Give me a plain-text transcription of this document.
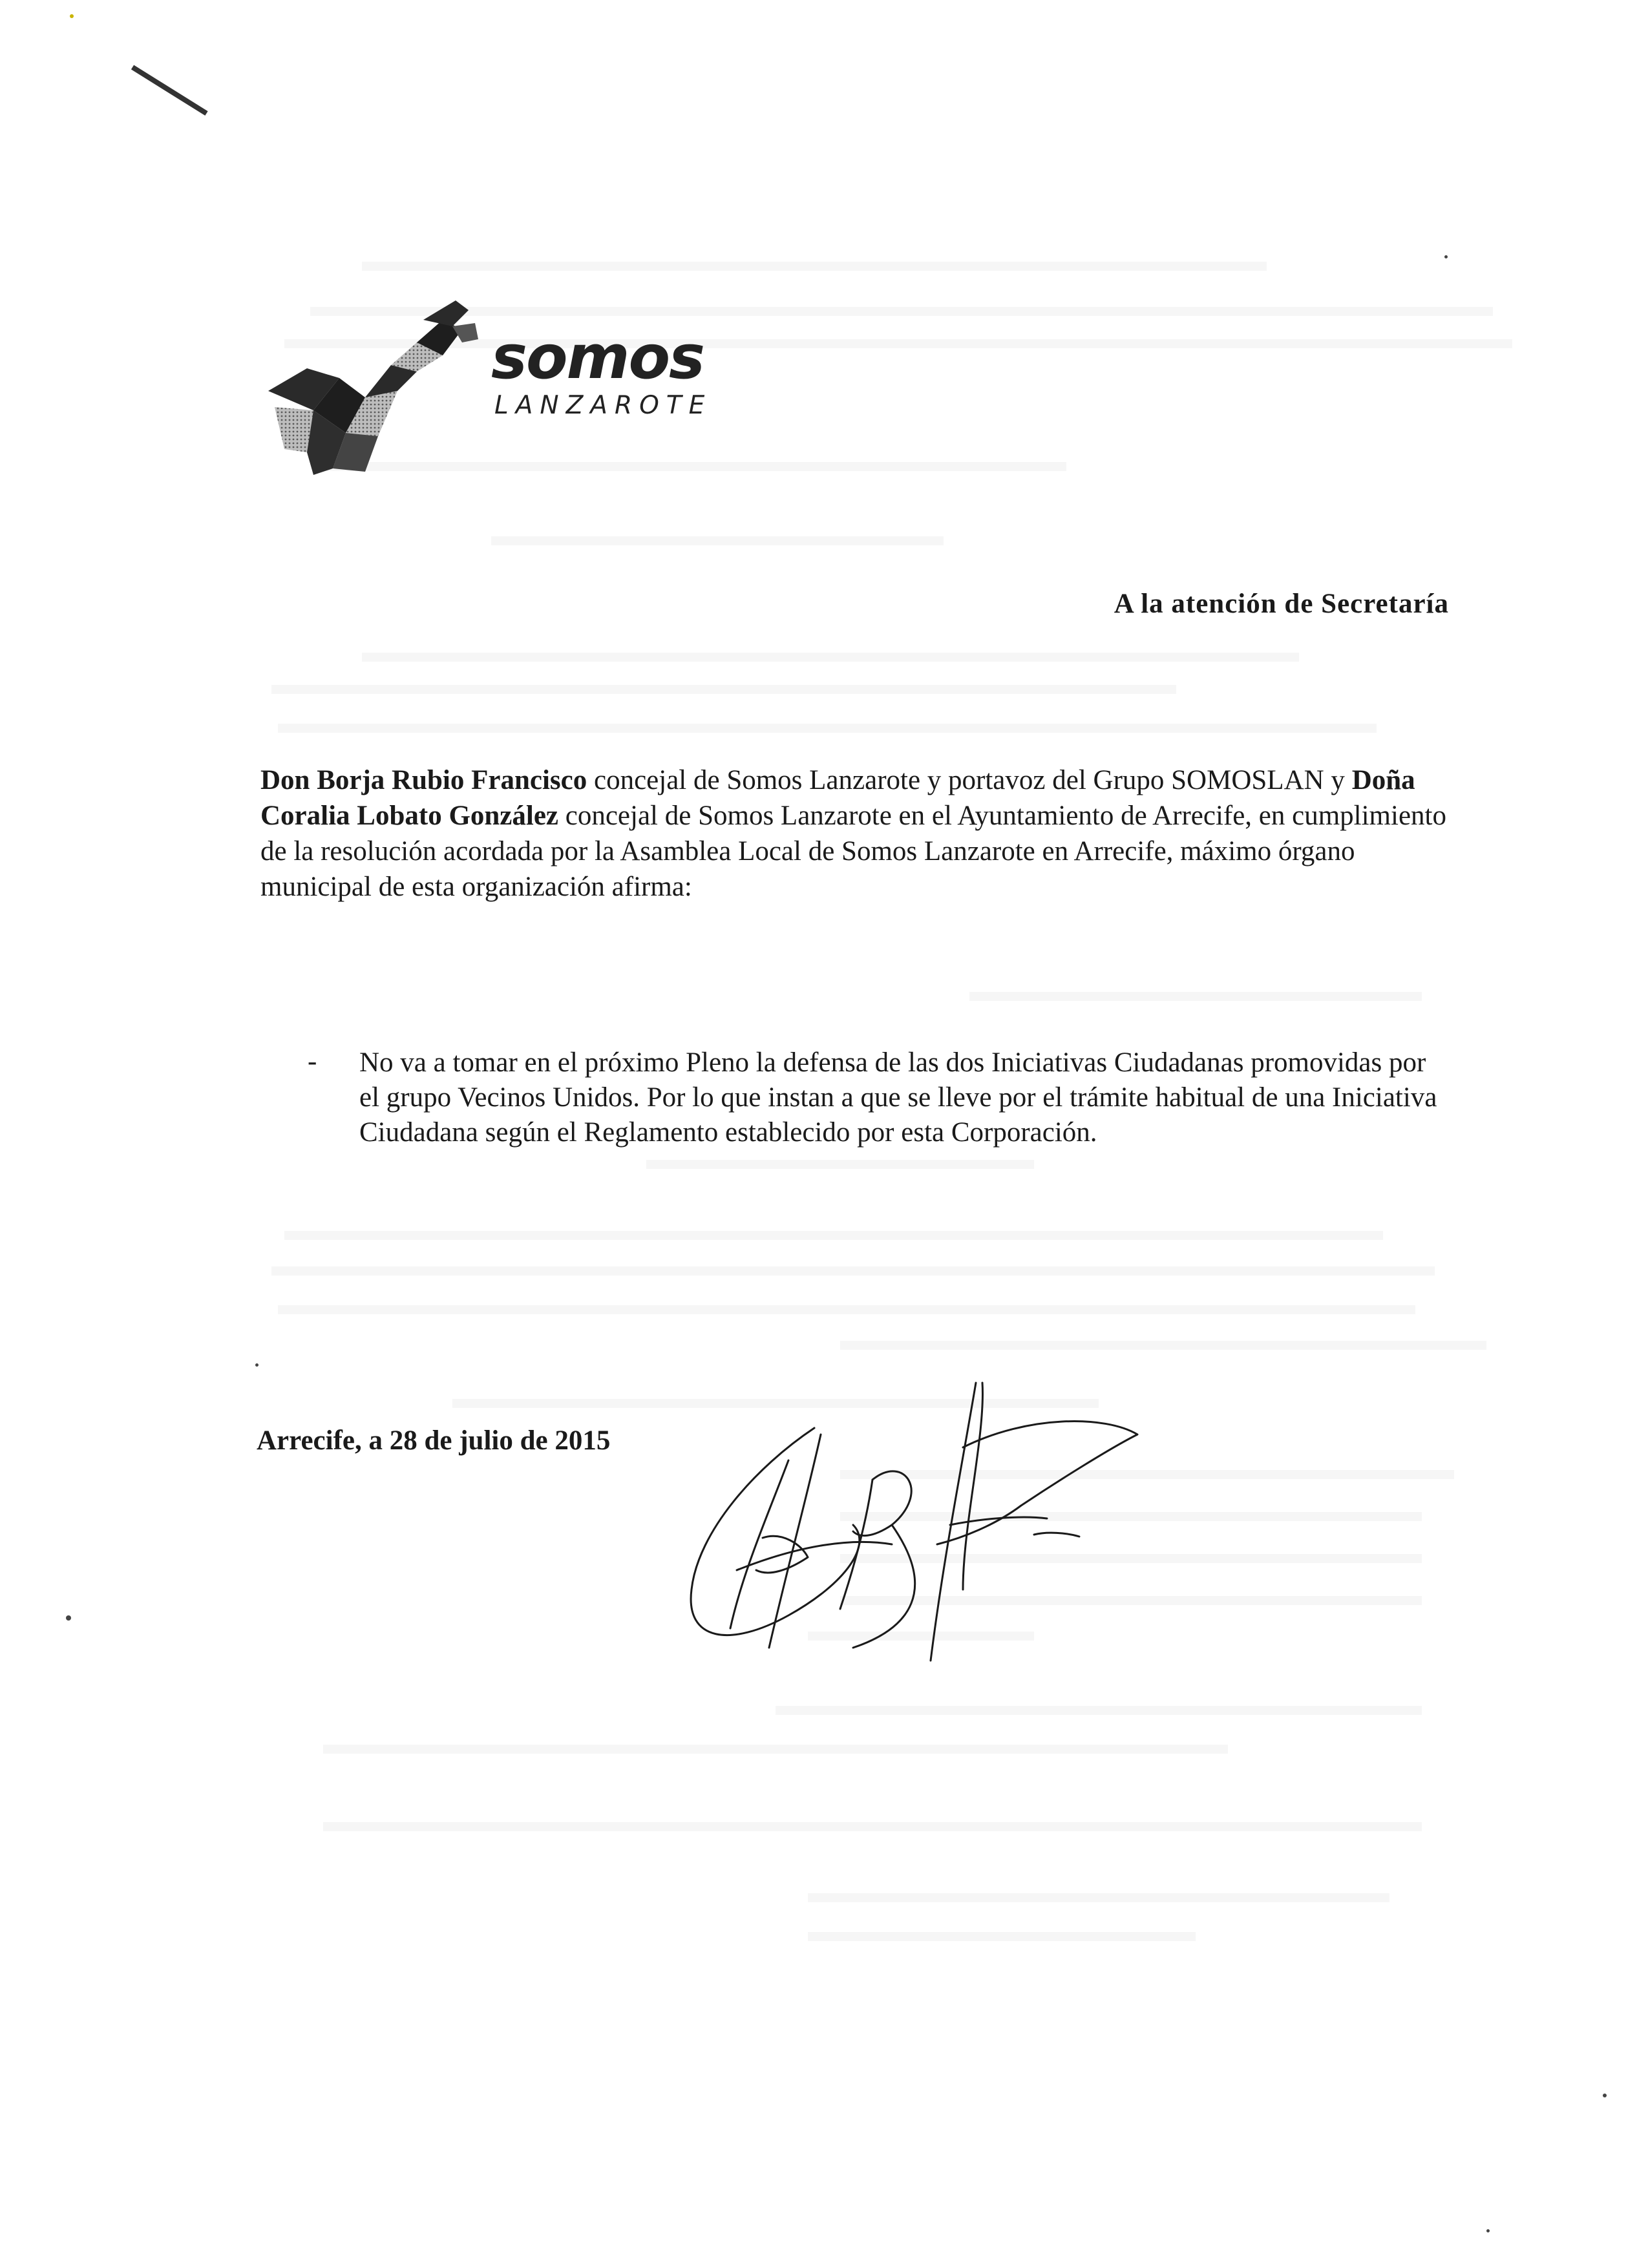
somos
LANZAROTE
A la atención de Secretaría
Don Borja Rubio Francisco concejal de Somos Lanzarote y portavoz del Grupo SOMOSLAN y Doña Coralia Lobato González concejal de Somos Lanzarote en el Ayuntamiento de Arrecife, en cumplimiento de la resolución acordada por la Asamblea Local de Somos Lanzarote en Arrecife, máximo órgano municipal de esta organización afirma:
- No va a tomar en el próximo Pleno la defensa de las dos Iniciativas Ciudadanas promovidas por el grupo Vecinos Unidos. Por lo que instan a que se lleve por el trámite habitual de una Iniciativa Ciudadana según el Reglamento establecido por esta Corporación.
Arrecife, a 28 de julio de 2015
